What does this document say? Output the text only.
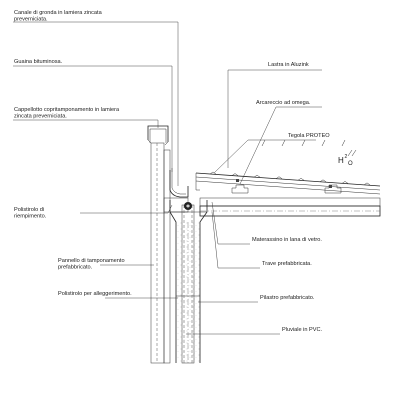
H 2
O
Canale di gronda in lamiera zincata preverniciata.
Guaina bituminosa.
Cappellotto copritamponamento in lamiera zincata preverniciata.
Polistirolo di riempimento.
Pannello di tamponamento prefabbricato.
Polistirolo per alleggerimento.
Lastra in Aluzink
Arcareccio ad omega.
Tegola PROTEO
Materassino in lana di vetro.
Trave prefabbricata.
Pilastro prefabbricato.
Pluviale in PVC.
